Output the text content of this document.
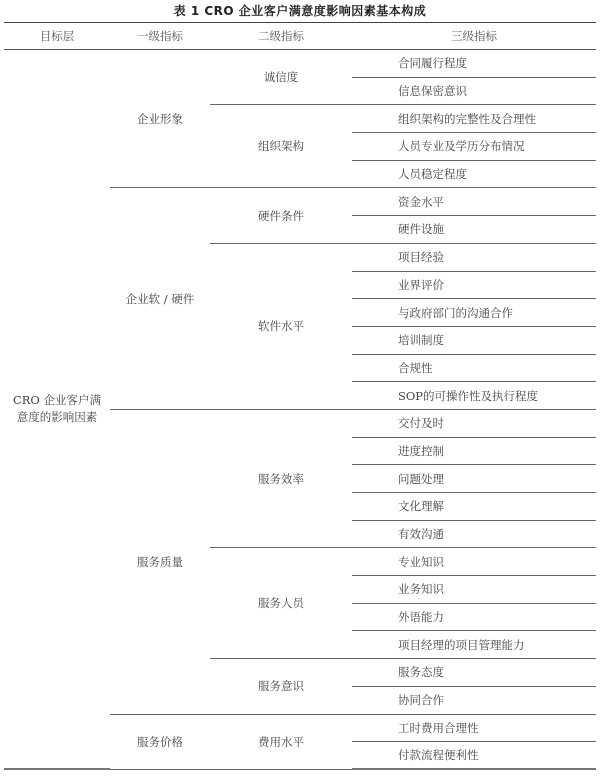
表 1 CRO 企业客户满意度影响因素基本构成
目标层	一级指标	二级指标	三级指标
CRO 企业客户满意度的影响因素	企业形象	诚信度	合同履行程度
			信息保密意识
		组织架构	组织架构的完整性及合理性
			人员专业及学历分布情况
			人员稳定程度
	企业软 / 硬件	硬件条件	资金水平
			硬件设施
		软件水平	项目经验
			业界评价
			与政府部门的沟通合作
			培训制度
			合规性
			SOP的可操作性及执行程度
	服务质量	服务效率	交付及时
			进度控制
			问题处理
			文化理解
			有效沟通
		服务人员	专业知识
			业务知识
			外语能力
			项目经理的项目管理能力
		服务意识	服务态度
			协同合作
	服务价格	费用水平	工时费用合理性
			付款流程便利性
